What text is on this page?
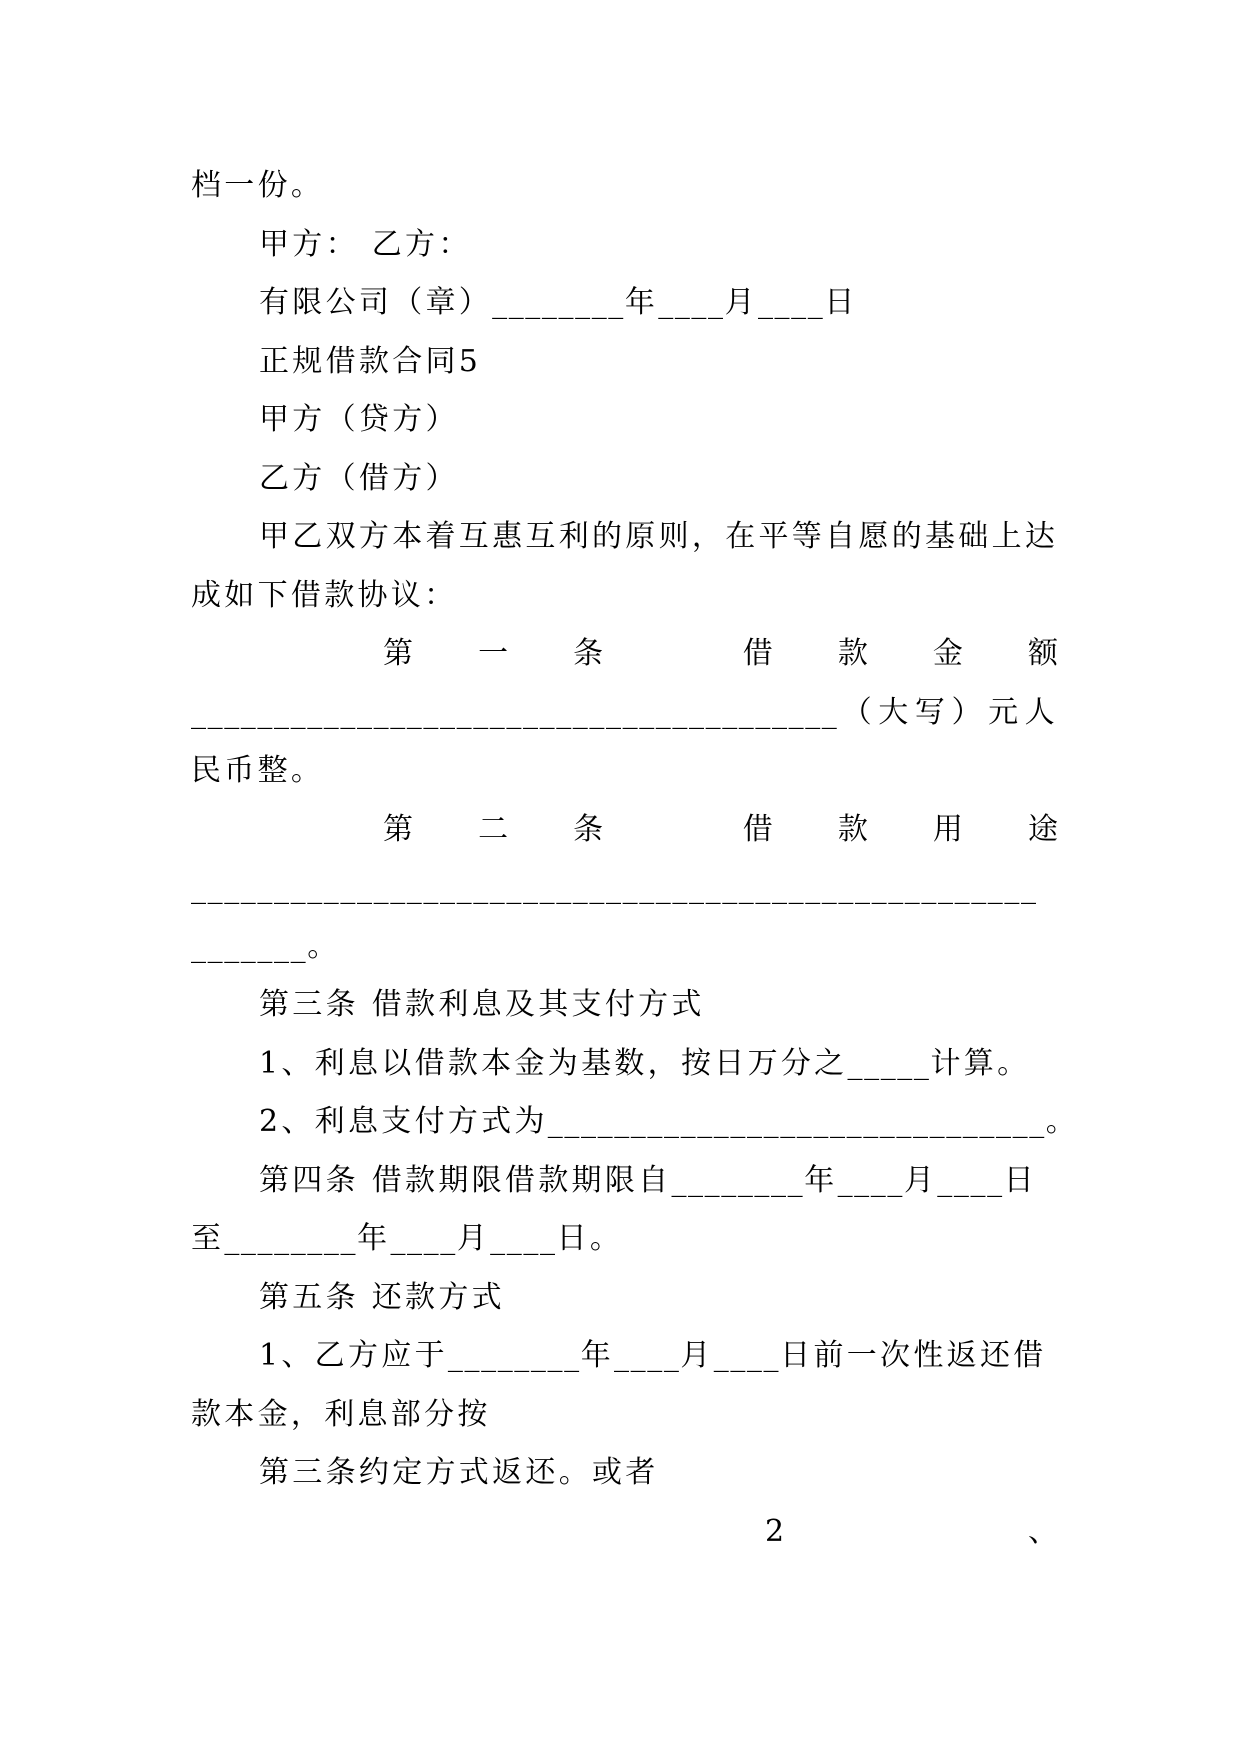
档一份。
甲方： 乙方：
有限公司（章）________年____月____日
正规借款合同5
甲方（贷方）
乙方（借方）
甲乙双方本着互惠互利的原则，在平等自愿的基础上达
成如下借款协议：
第 一 条
	借 款 金 额
_______________________________________（大写）元人
民币整。
第 二 条
	借 款 用 途
___________________________________________________
_______。
第三条 借款利息及其支付方式
1、利息以借款本金为基数，按日万分之_____计算。
2、利息支付方式为______________________________。
第四条 借款期限借款期限自________年____月____日
至________年____月____日。
第五条 还款方式
1、乙方应于________年____月____日前一次性返还借
款本金，利息部分按
第三条约定方式返还。或者
2	、
